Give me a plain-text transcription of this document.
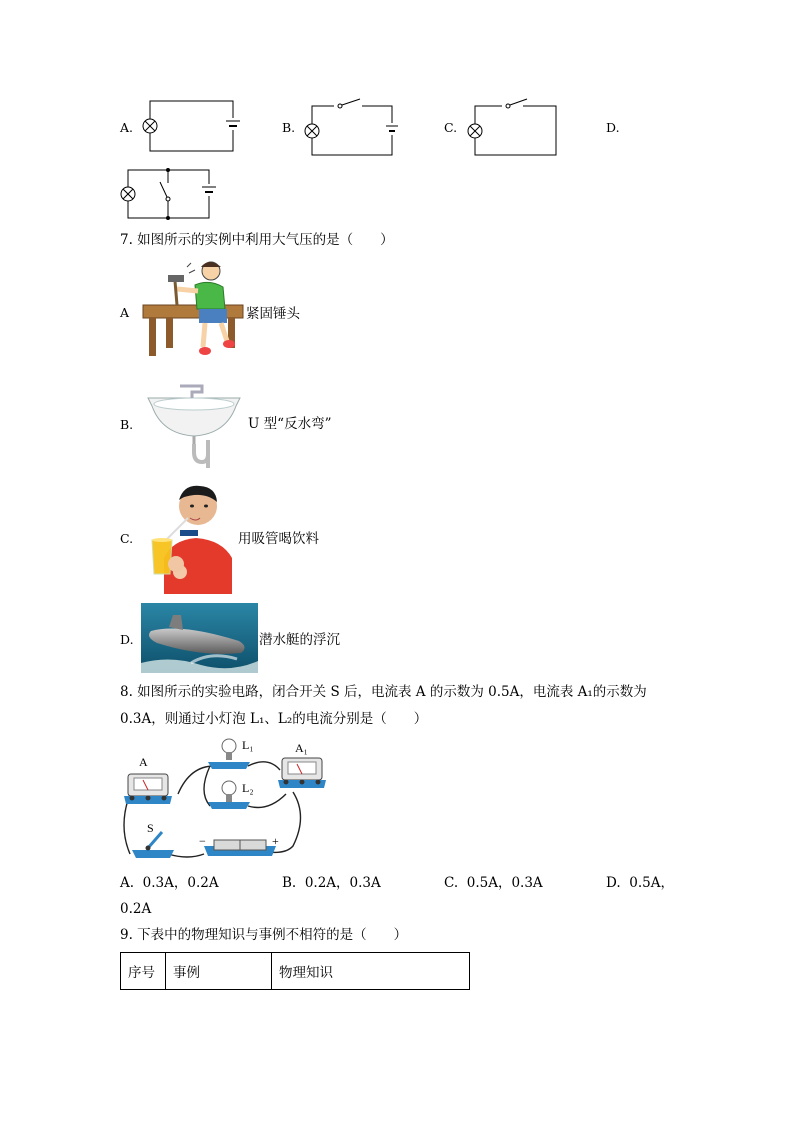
A.	B.	C.	D.
7. 如图所示的实例中利用大气压的是（　　）
A	紧固锤头
B.	U 型“反水弯”
C.	用吸管喝饮料
D.	潜水艇的浮沉
8. 如图所示的实验电路，闭合开关 S 后，电流表 A 的示数为 0.5A，电流表 A₁的示数为
0.3A，则通过小灯泡 L₁、L₂的电流分别是（　　）
A
A₁
L₁
L₂
S
−	+
A. 0.3A，0.2A	B. 0.2A，0.3A	C. 0.5A，0.3A	D. 0.5A，
0.2A
9. 下表中的物理知识与事例不相符的是（　　）
序号	事例	物理知识
